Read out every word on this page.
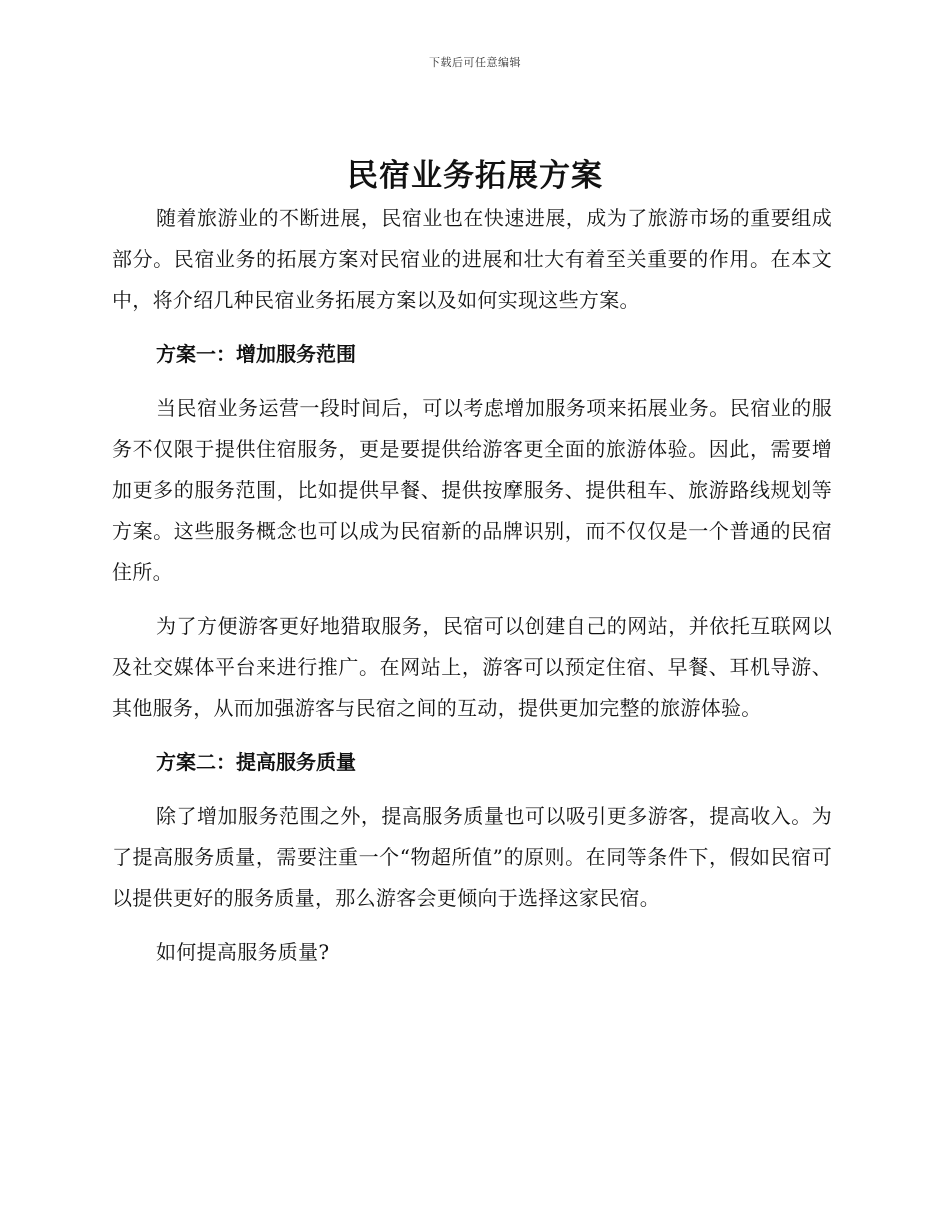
下载后可任意编辑
民宿业务拓展方案

随着旅游业的不断进展，民宿业也在快速进展，成为了旅游市场的重要组成部分。民宿业务的拓展方案对民宿业的进展和壮大有着至关重要的作用。在本文中，将介绍几种民宿业务拓展方案以及如何实现这些方案。

方案一：增加服务范围

当民宿业务运营一段时间后，可以考虑增加服务项来拓展业务。民宿业的服务不仅限于提供住宿服务，更是要提供给游客更全面的旅游体验。因此，需要增加更多的服务范围，比如提供早餐、提供按摩服务、提供租车、旅游路线规划等方案。这些服务概念也可以成为民宿新的品牌识别，而不仅仅是一个普通的民宿住所。

为了方便游客更好地猎取服务，民宿可以创建自己的网站，并依托互联网以及社交媒体平台来进行推广。在网站上，游客可以预定住宿、早餐、耳机导游、其他服务，从而加强游客与民宿之间的互动，提供更加完整的旅游体验。

方案二：提高服务质量

除了增加服务范围之外，提高服务质量也可以吸引更多游客，提高收入。为了提高服务质量，需要注重一个“物超所值”的原则。在同等条件下，假如民宿可以提供更好的服务质量，那么游客会更倾向于选择这家民宿。

如何提高服务质量?
